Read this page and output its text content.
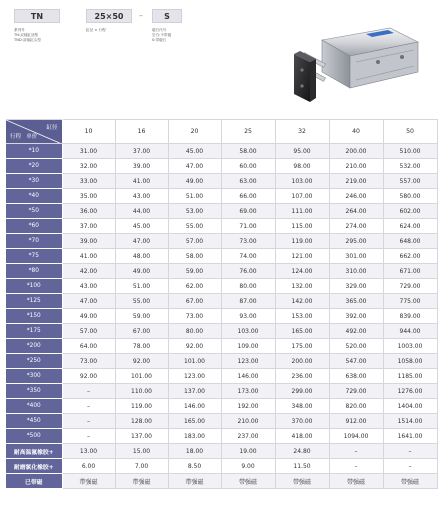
TN	25×50	–	S
系列号
TN:双轴缸油型
TND:双轴缸头型
缸径 × 行程	磁石代号
空白:不带磁
S:带磁石
缸径
行程 单价	10	16	20	25	32	40	50
*10	31.00	37.00	45.00	58.00	95.00	200.00	510.00
*20	32.00	39.00	47.00	60.00	98.00	210.00	532.00
*30	33.00	41.00	49.00	63.00	103.00	219.00	557.00
*40	35.00	43.00	51.00	66.00	107.00	246.00	580.00
*50	36.00	44.00	53.00	69.00	111.00	264.00	602.00
*60	37.00	45.00	55.00	71.00	115.00	274.00	624.00
*70	39.00	47.00	57.00	73.00	119.00	295.00	648.00
*75	41.00	48.00	58.00	74.00	121.00	301.00	662.00
*80	42.00	49.00	59.00	76.00	124.00	310.00	671.00
*100	43.00	51.00	62.00	80.00	132.00	329.00	729.00
*125	47.00	55.00	67.00	87.00	142.00	365.00	775.00
*150	49.00	59.00	73.00	93.00	153.00	392.00	839.00
*175	57.00	67.00	80.00	103.00	165.00	492.00	944.00
*200	64.00	78.00	92.00	109.00	175.00	520.00	1003.00
*250	73.00	92.00	101.00	123.00	200.00	547.00	1058.00
*300	92.00	101.00	123.00	146.00	236.00	638.00	1185.00
*350	–	110.00	137.00	173.00	299.00	729.00	1276.00
*400	–	119.00	146.00	192.00	348.00	820.00	1404.00
*450	–	128.00	165.00	210.00	370.00	912.00	1514.00
*500	–	137.00	183.00	237.00	418.00	1094.00	1641.00
耐高温氟橡胶+	13.00	15.00	18.00	19.00	24.80	–	–
耐磨氯化橡胶+	6.00	7.00	8.50	9.00	11.50	–	–
已带磁	带强磁	带强磁	带强磁	带强磁	带强磁	带强磁	带强磁
